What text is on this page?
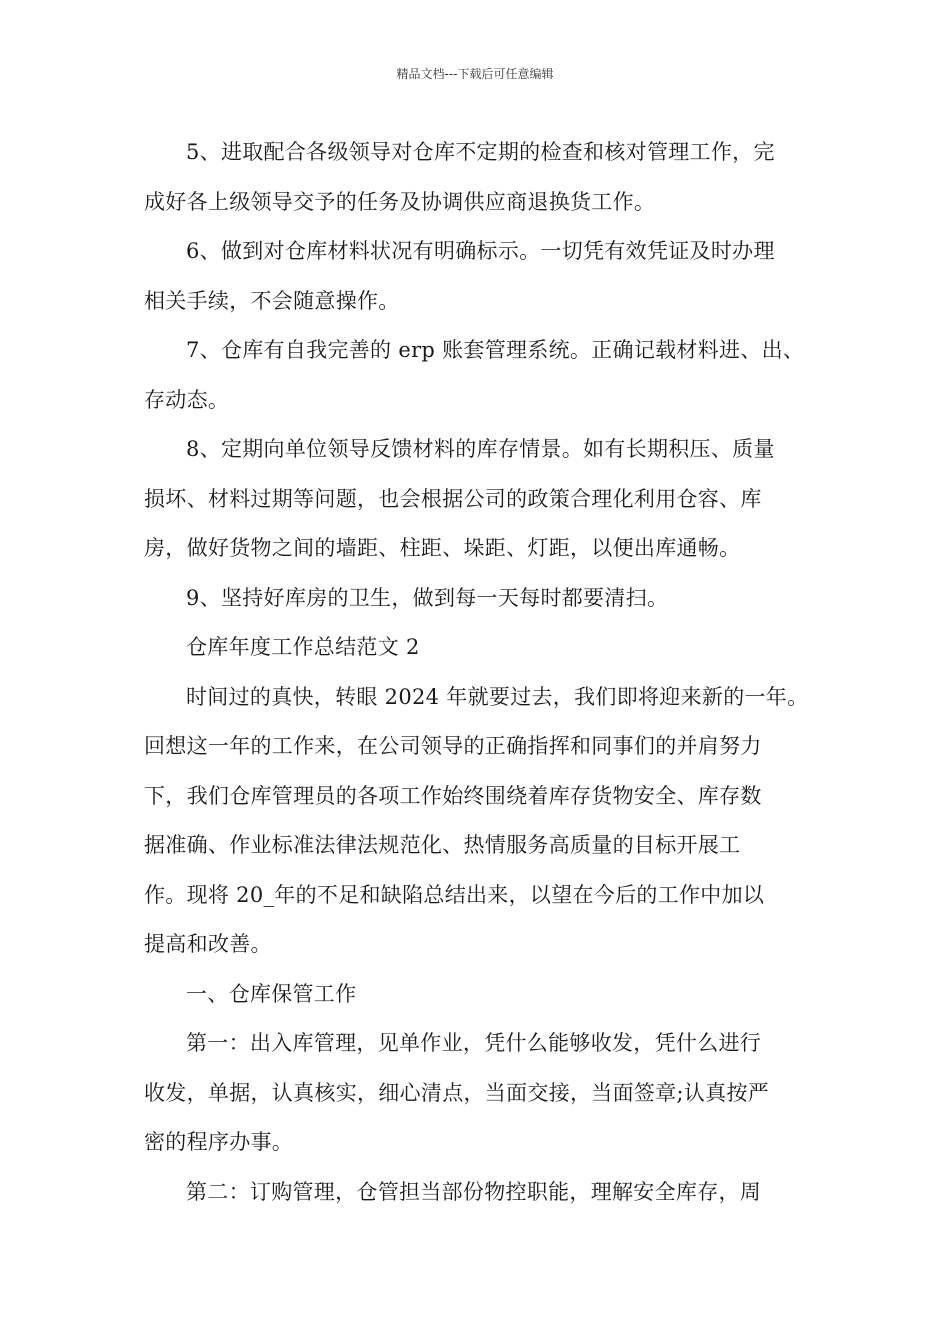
精品文档---下载后可任意编辑

5、进取配合各级领导对仓库不定期的检查和核对管理工作，完
成好各上级领导交予的任务及协调供应商退换货工作。

6、做到对仓库材料状况有明确标示。一切凭有效凭证及时办理
相关手续，不会随意操作。

7、仓库有自我完善的 erp 账套管理系统。正确记载材料进、出、
存动态。

8、定期向单位领导反馈材料的库存情景。如有长期积压、质量
损坏、材料过期等问题，也会根据公司的政策合理化利用仓容、库
房，做好货物之间的墙距、柱距、垛距、灯距，以便出库通畅。

9、坚持好库房的卫生，做到每一天每时都要清扫。

仓库年度工作总结范文 2

时间过的真快，转眼 2024 年就要过去，我们即将迎来新的一年。
回想这一年的工作来，在公司领导的正确指挥和同事们的并肩努力
下，我们仓库管理员的各项工作始终围绕着库存货物安全、库存数
据准确、作业标准法律法规范化、热情服务高质量的目标开展工
作。现将 20_年的不足和缺陷总结出来，以望在今后的工作中加以
提高和改善。

一、仓库保管工作

第一：出入库管理，见单作业，凭什么能够收发，凭什么进行
收发，单据，认真核实，细心清点，当面交接，当面签章;认真按严
密的程序办事。

第二：订购管理，仓管担当部份物控职能，理解安全库存，周
